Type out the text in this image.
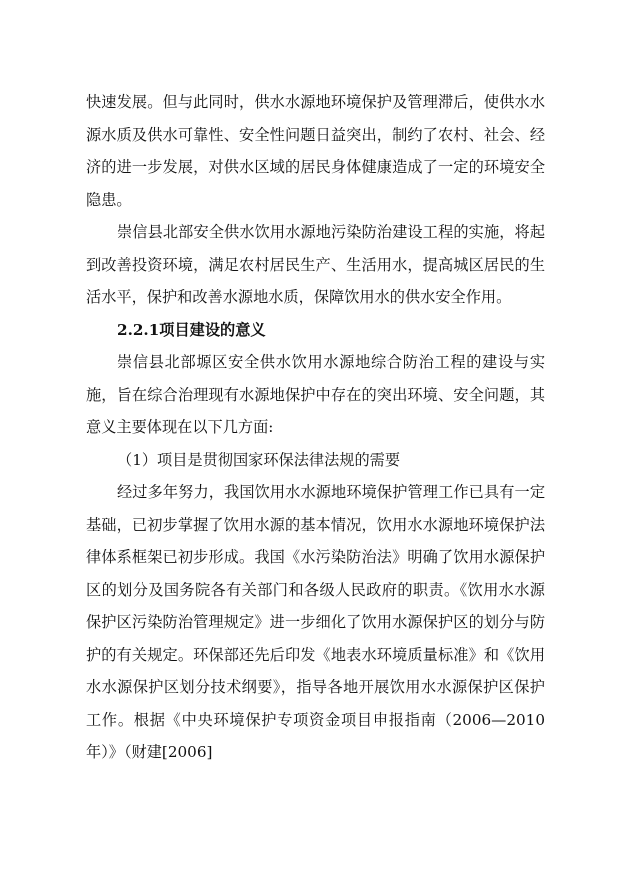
快速发展。但与此同时，供水水源地环境保护及管理滞后，使供水水源水质及供水可靠性、安全性问题日益突出，制约了农村、社会、经济的进一步发展，对供水区域的居民身体健康造成了一定的环境安全隐患。

崇信县北部安全供水饮用水源地污染防治建设工程的实施，将起到改善投资环境，满足农村居民生产、生活用水，提高城区居民的生活水平，保护和改善水源地水质，保障饮用水的供水安全作用。

2.2.1项目建设的意义

崇信县北部塬区安全供水饮用水源地综合防治工程的建设与实施，旨在综合治理现有水源地保护中存在的突出环境、安全问题，其意义主要体现在以下几方面:

（1）项目是贯彻国家环保法律法规的需要

经过多年努力，我国饮用水水源地环境保护管理工作已具有一定基础，已初步掌握了饮用水源的基本情况，饮用水水源地环境保护法律体系框架已初步形成。我国《水污染防治法》明确了饮用水源保护区的划分及国务院各有关部门和各级人民政府的职责。《饮用水水源保护区污染防治管理规定》进一步细化了饮用水源保护区的划分与防护的有关规定。环保部还先后印发《地表水环境质量标准》和《饮用水水源保护区划分技术纲要》，指导各地开展饮用水水源保护区保护工作。根据《中央环境保护专项资金项目申报指南（2006—2010年）》（财建[2006]
